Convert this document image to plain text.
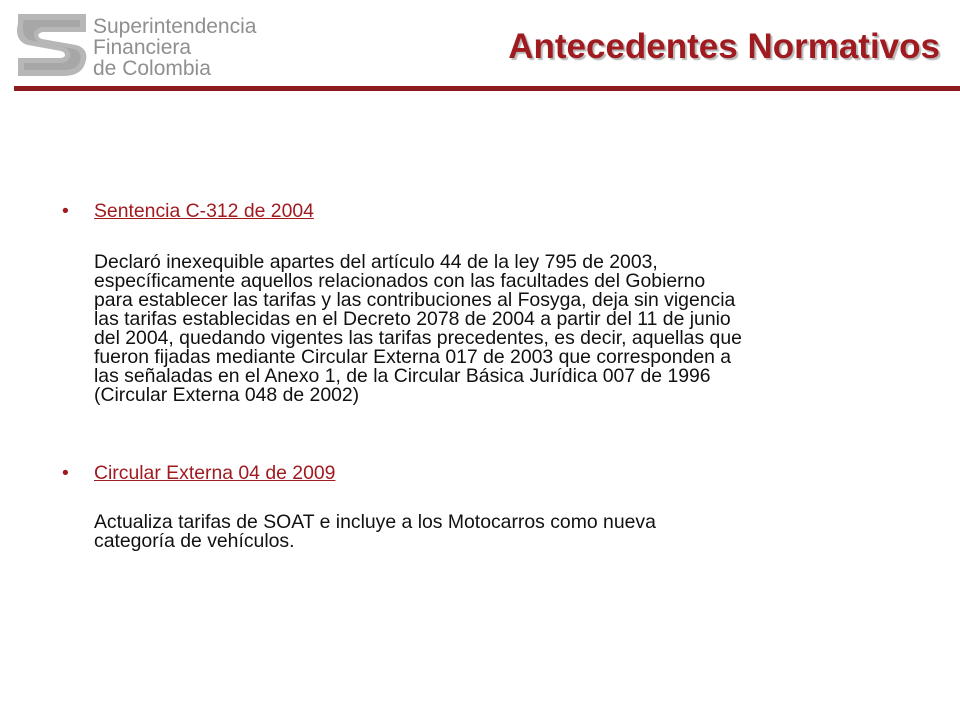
Superintendencia
Financiera
de Colombia
Antecedentes Normativos
• Sentencia C-312 de 2004
Declaró inexequible apartes del artículo 44 de la ley 795 de 2003,
específicamente aquellos relacionados con las facultades del Gobierno
para establecer las tarifas y las contribuciones al Fosyga, deja sin vigencia
las tarifas establecidas en el Decreto 2078 de 2004 a partir del 11 de junio
del 2004, quedando vigentes las tarifas precedentes, es decir, aquellas que
fueron fijadas mediante Circular Externa 017 de 2003 que corresponden a
las señaladas en el Anexo 1, de la Circular Básica Jurídica 007 de 1996
(Circular Externa 048 de 2002)
• Circular Externa 04 de 2009
Actualiza tarifas de SOAT e incluye a los Motocarros como nueva
categoría de vehículos.
